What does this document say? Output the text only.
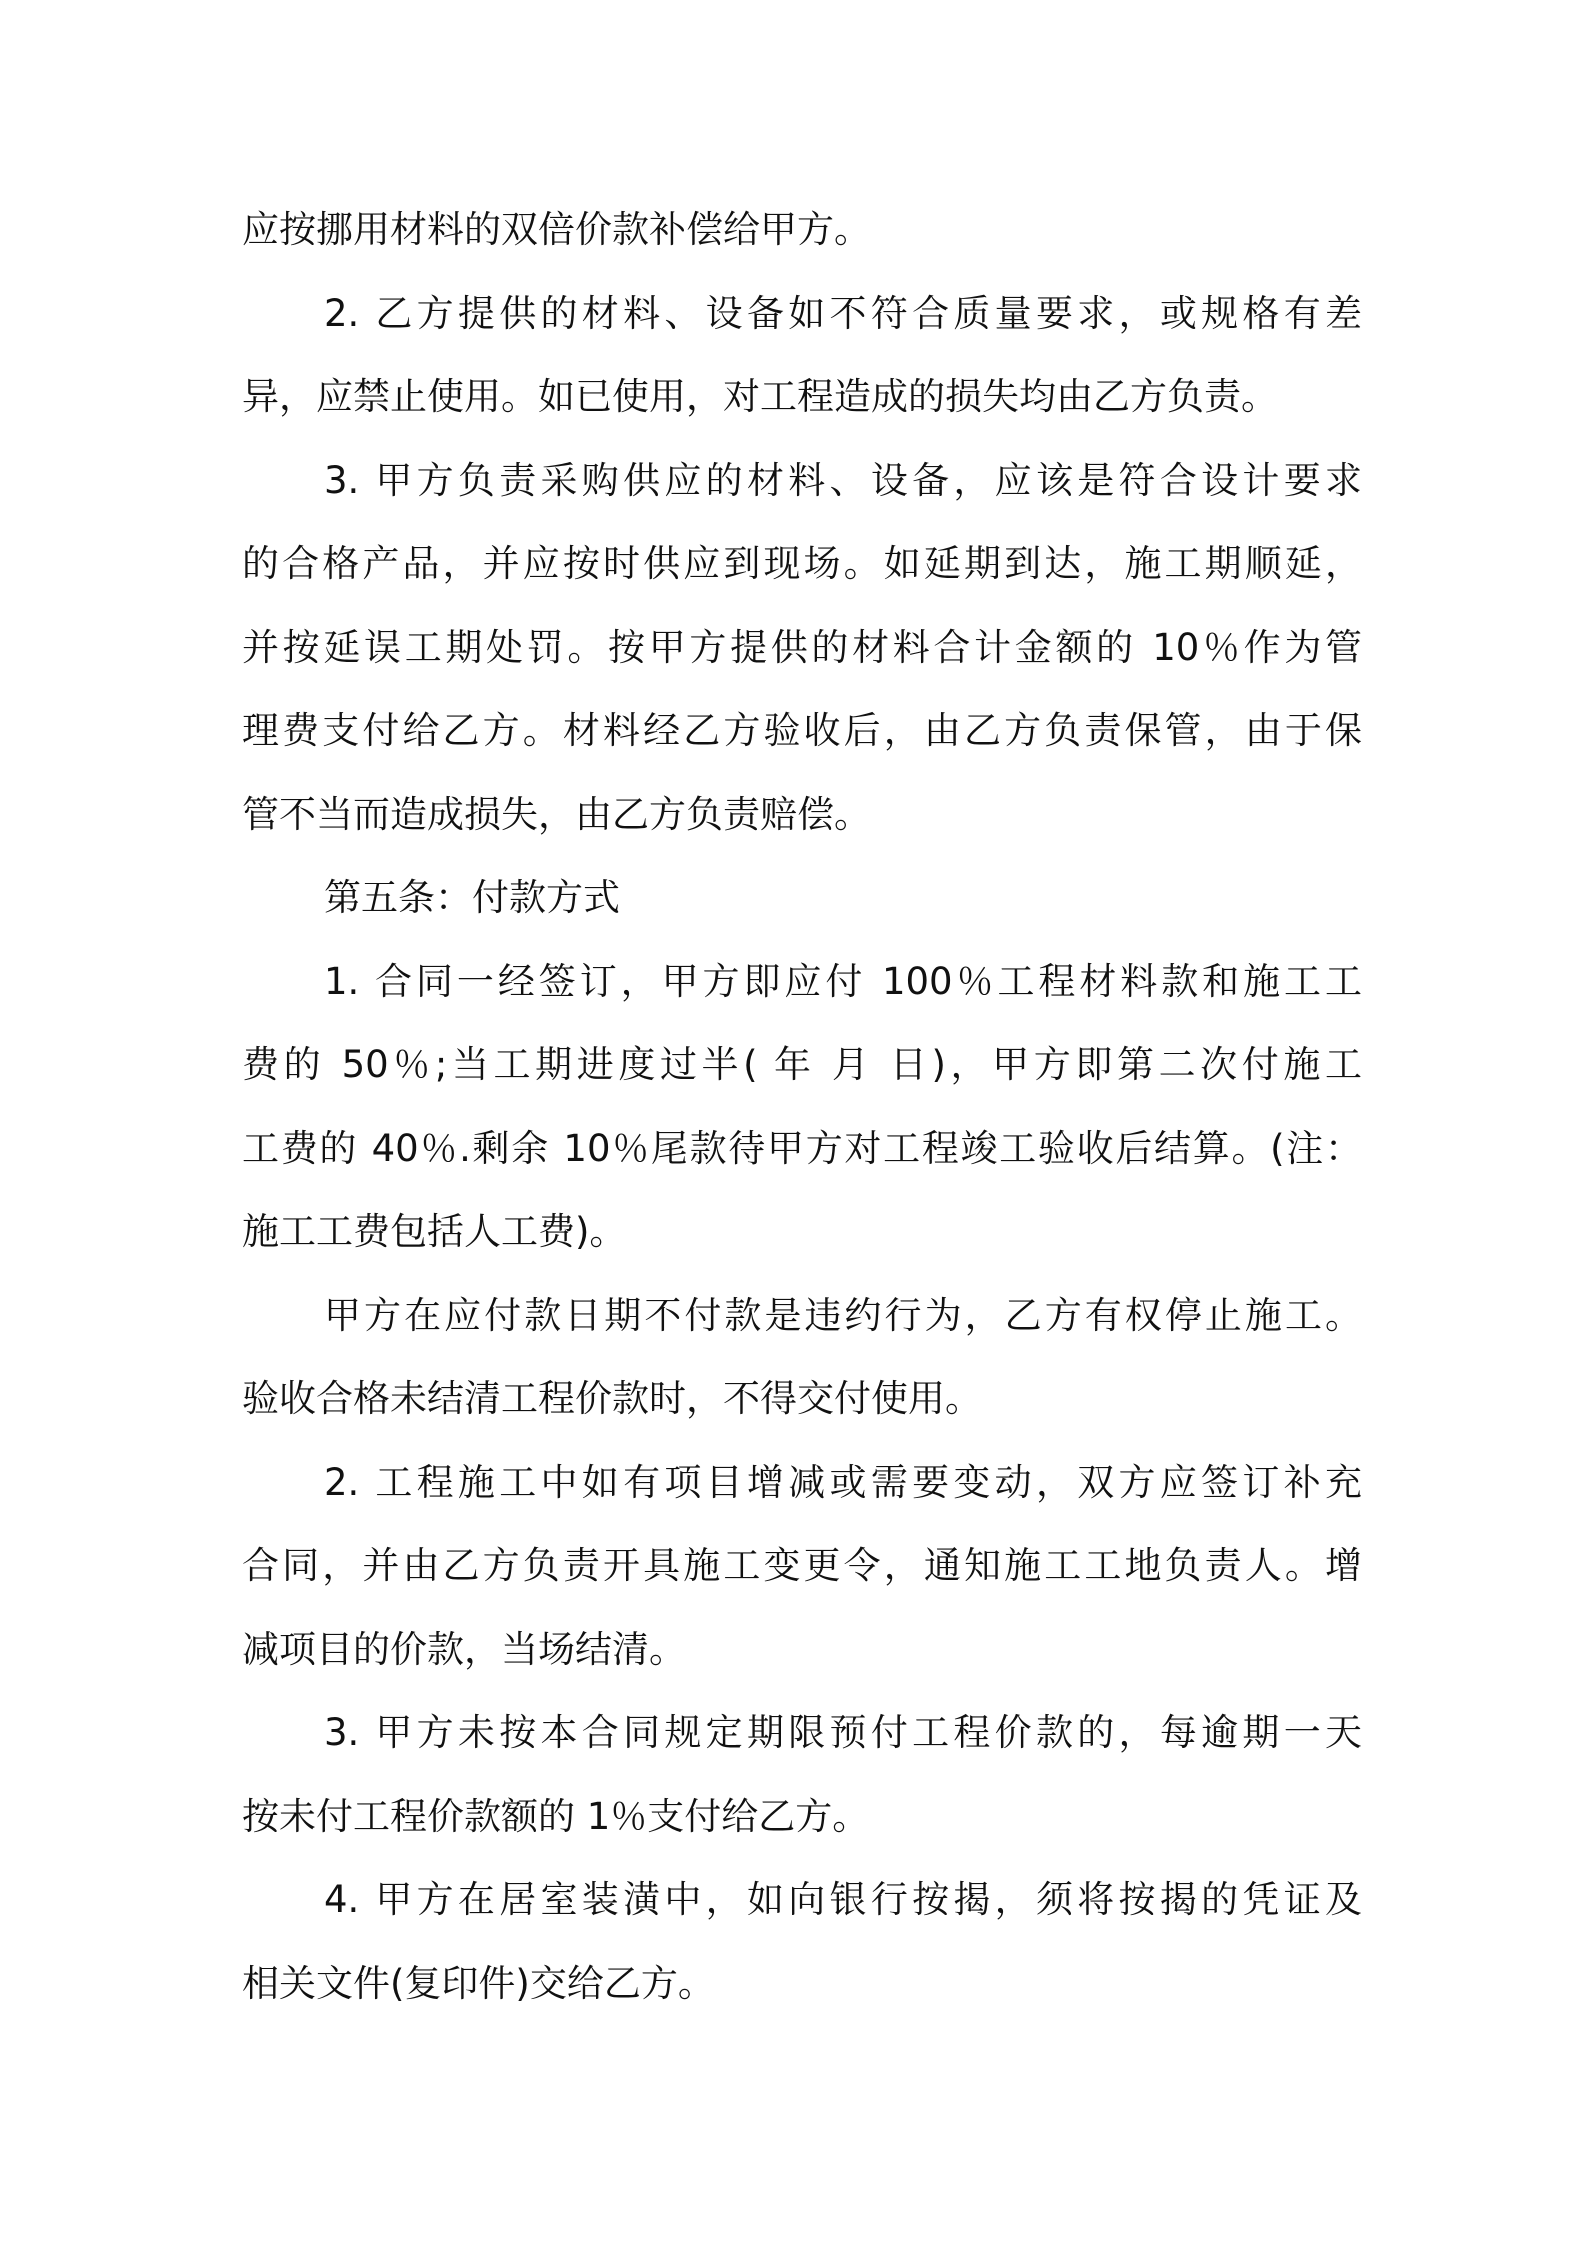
应按挪用材料的双倍价款补偿给甲方。
2. 乙方提供的材料、设备如不符合质量要求，或规格有差
异，应禁止使用。如已使用，对工程造成的损失均由乙方负责。
3. 甲方负责采购供应的材料、设备，应该是符合设计要求
的合格产品，并应按时供应到现场。如延期到达，施工期顺延，
并按延误工期处罚。按甲方提供的材料合计金额的 10％作为管
理费支付给乙方。材料经乙方验收后，由乙方负责保管，由于保
管不当而造成损失，由乙方负责赔偿。
第五条：付款方式
1. 合同一经签订，甲方即应付 100％工程材料款和施工工
费的 50％;当工期进度过半( 年 月 日)，甲方即第二次付施工
工费的 40％.剩余 10％尾款待甲方对工程竣工验收后结算。(注：
施工工费包括人工费)。
甲方在应付款日期不付款是违约行为，乙方有权停止施工。
验收合格未结清工程价款时，不得交付使用。
2. 工程施工中如有项目增减或需要变动，双方应签订补充
合同，并由乙方负责开具施工变更令，通知施工工地负责人。增
减项目的价款，当场结清。
3. 甲方未按本合同规定期限预付工程价款的，每逾期一天
按未付工程价款额的 1％支付给乙方。
4. 甲方在居室装潢中，如向银行按揭，须将按揭的凭证及
相关文件(复印件)交给乙方。
